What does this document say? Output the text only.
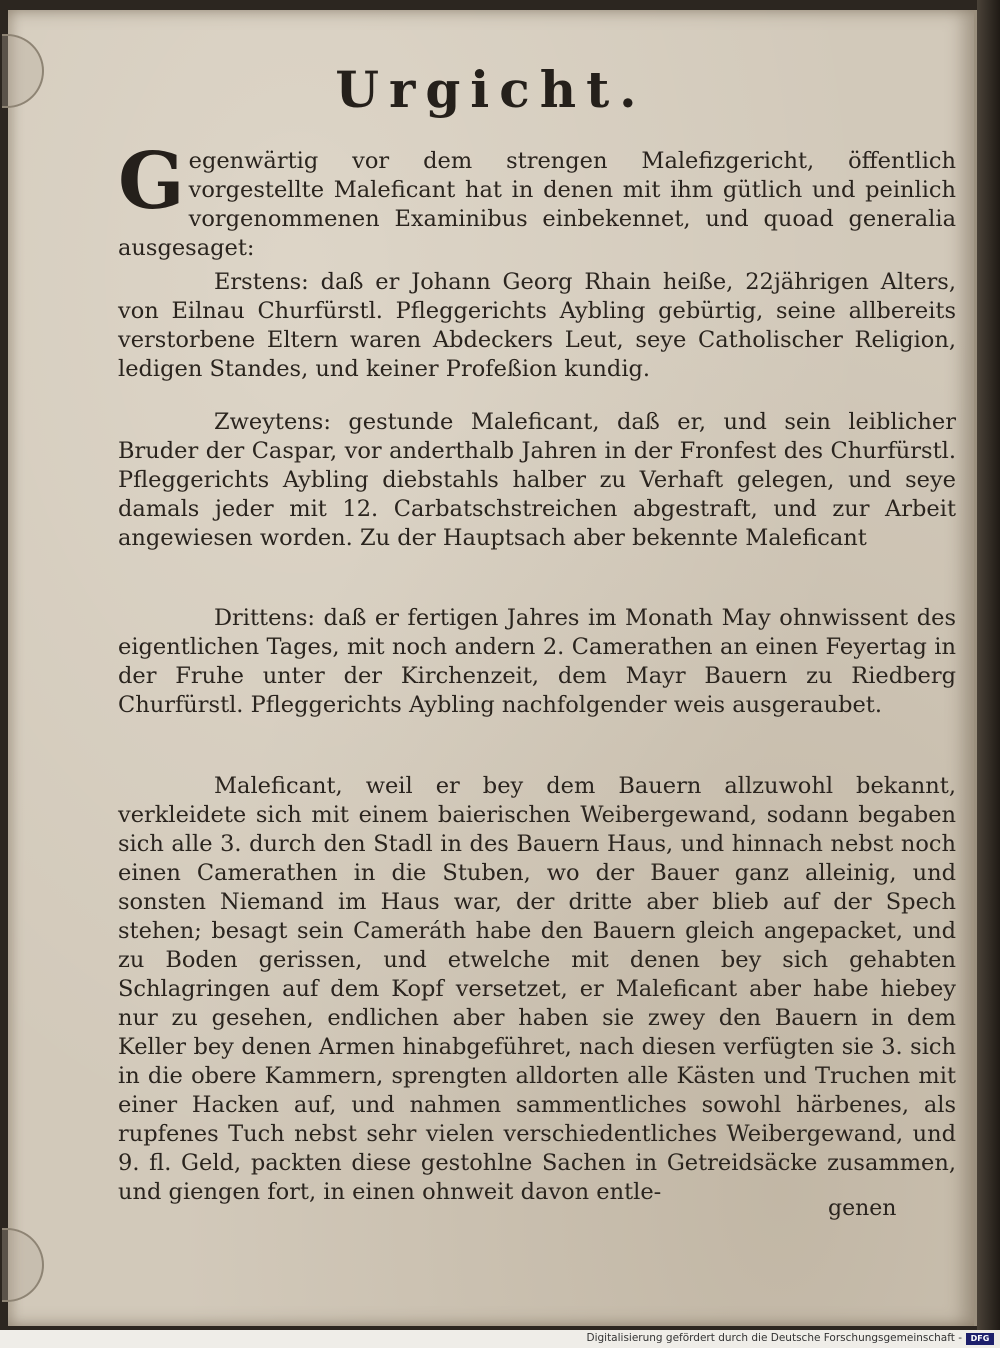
Urgicht.
Gegenwärtig vor dem strengen Malefizgericht, öffentlich vorgestellte Maleficant hat in denen mit ihm gütlich und peinlich vorgenommenen Examinibus einbekennet, und quoad generalia ausgesaget:
Erstens: daß er Johann Georg Rhain heiße, 22jährigen Alters, von Eilnau Churfürstl. Pfleggerichts Aybling gebürtig, seine allbereits verstorbene Eltern waren Abdeckers Leut, seye Catholischer Religion, ledigen Standes, und keiner Profeßion kundig.
Zweytens: gestunde Maleficant, daß er, und sein leiblicher Bruder der Caspar, vor anderthalb Jahren in der Fronfest des Churfürstl. Pfleggerichts Aybling diebstahls halber zu Verhaft gelegen, und seye damals jeder mit 12. Carbatschstreichen abgestraft, und zur Arbeit angewiesen worden. Zu der Hauptsach aber bekennte Maleficant
Drittens: daß er fertigen Jahres im Monath May ohnwissent des eigentlichen Tages, mit noch andern 2. Camerathen an einen Feyertag in der Fruhe unter der Kirchenzeit, dem Mayr Bauern zu Riedberg Churfürstl. Pfleggerichts Aybling nachfolgender weis ausgeraubet.
Maleficant, weil er bey dem Bauern allzuwohl bekannt, verkleidete sich mit einem baierischen Weibergewand, sodann begaben sich alle 3. durch den Stadl in des Bauern Haus, und hinnach nebst noch einen Camerathen in die Stuben, wo der Bauer ganz alleinig, und sonsten Niemand im Haus war, der dritte aber blieb auf der Spech stehen; besagt sein Cameráth habe den Bauern gleich angepacket, und zu Boden gerissen, und etwelche mit denen bey sich gehabten Schlagringen auf dem Kopf versetzet, er Maleficant aber habe hiebey nur zu gesehen, endlichen aber haben sie zwey den Bauern in dem Keller bey denen Armen hinabgeführet, nach diesen verfügten sie 3. sich in die obere Kammern, sprengten alldorten alle Kästen und Truchen mit einer Hacken auf, und nahmen sammentliches sowohl härbenes, als rupfenes Tuch nebst sehr vielen verschiedentliches Weibergewand, und 9. fl. Geld, packten diese gestohlne Sachen in Getreidsäcke zusammen, und giengen fort, in einen ohnweit davon entle-
genen
Digitalisierung gefördert durch die Deutsche Forschungsgemeinschaft -	DFG
